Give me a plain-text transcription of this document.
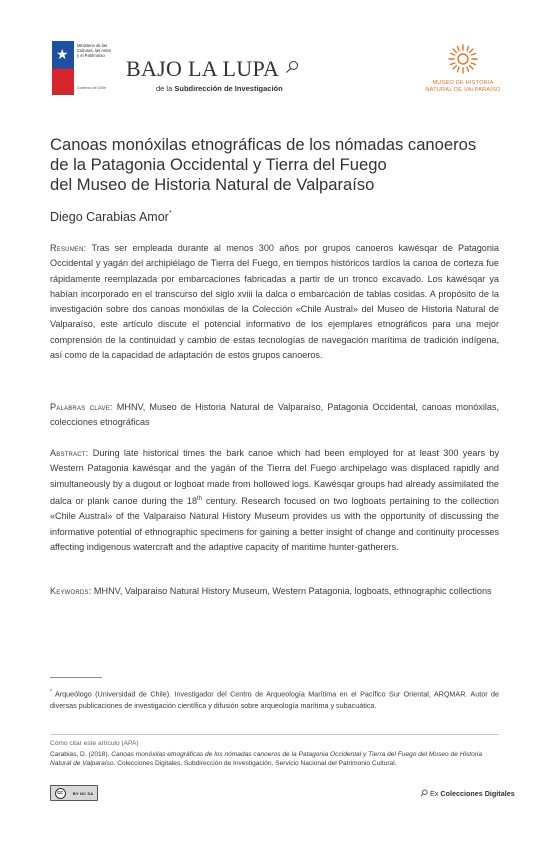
★
Ministerio de las Culturas, las Artes y el Patrimonio
Gobierno de Chile
BAJO LA LUPA
de la Subdirección de Investigación
MUSEO DE HISTORIA
NATURAL DE VALPARAÍSO
Canoas monóxilas etnográficas de los nómadas canoeros
de la Patagonia Occidental y Tierra del Fuego
del Museo de Historia Natural de Valparaíso
Diego Carabias Amor*
Resumen: Tras ser empleada durante al menos 300 años por grupos canoeros kawésqar de Patagonia Occidental y yagán del archipiélago de Tierra del Fuego, en tiempos históricos tardíos la canoa de corteza fue rápidamente reemplazada por embarcaciones fabricadas a partir de un tronco excavado. Los kawésqar ya habían incorporado en el transcurso del siglo xviii la dalca o embarcación de tablas cosidas. A propósito de la investigación sobre dos canoas monóxilas de la Colección «Chile Austral» del Museo de Historia Natural de Valparaíso, este artículo discute el potencial informativo de los ejemplares etnográficos para una mejor comprensión de la continuidad y cambio de estas tecnologías de navegación marítima de tradición indígena, así como de la capacidad de adaptación de estos grupos canoeros.
Palabras clave: MHNV, Museo de Historia Natural de Valparaíso, Patagonia Occidental, canoas monóxilas, colecciones etnográficas
Abstract: During late historical times the bark canoe which had been employed for at least 300 years by Western Patagonia kawésqar and the yagán of the Tierra del Fuego archipelago was displaced rapidly and simultaneously by a dugout or logboat made from hollowed logs. Kawésqar groups had already assimilated the dalca or plank canoe during the 18th century. Research focused on two logboats pertaining to the collection «Chile Austral» of the Valparaiso Natural History Museum provides us with the opportunity of discussing the informative potential of ethnographic specimens for gaining a better insight of change and continuity processes affecting indigenous watercraft and the adaptive capacity of maritime hunter-gatherers.
Keywords: MHNV, Valparaiso Natural History Museum, Western Patagonia, logboats, ethnographic collections
* Arqueólogo (Universidad de Chile). Investigador del Centro de Arqueología Marítima en el Pacífico Sur Oriental, ARQMAR. Autor de diversas publicaciones de investigación científica y difusión sobre arqueología marítima y subacuática.
Cómo citar este artículo (APA)
Carabias, D. (2018). Canoas monóxilas etnográficas de los nómadas canoeros de la Patagonia Occidental y Tierra del Fuego del Museo de Historia Natural de Valparaíso. Colecciones Digitales, Subdirección de Investigación, Servicio Nacional del Patrimonio Cultural.
cc	BY NC SA	Ex Colecciones Digitales
